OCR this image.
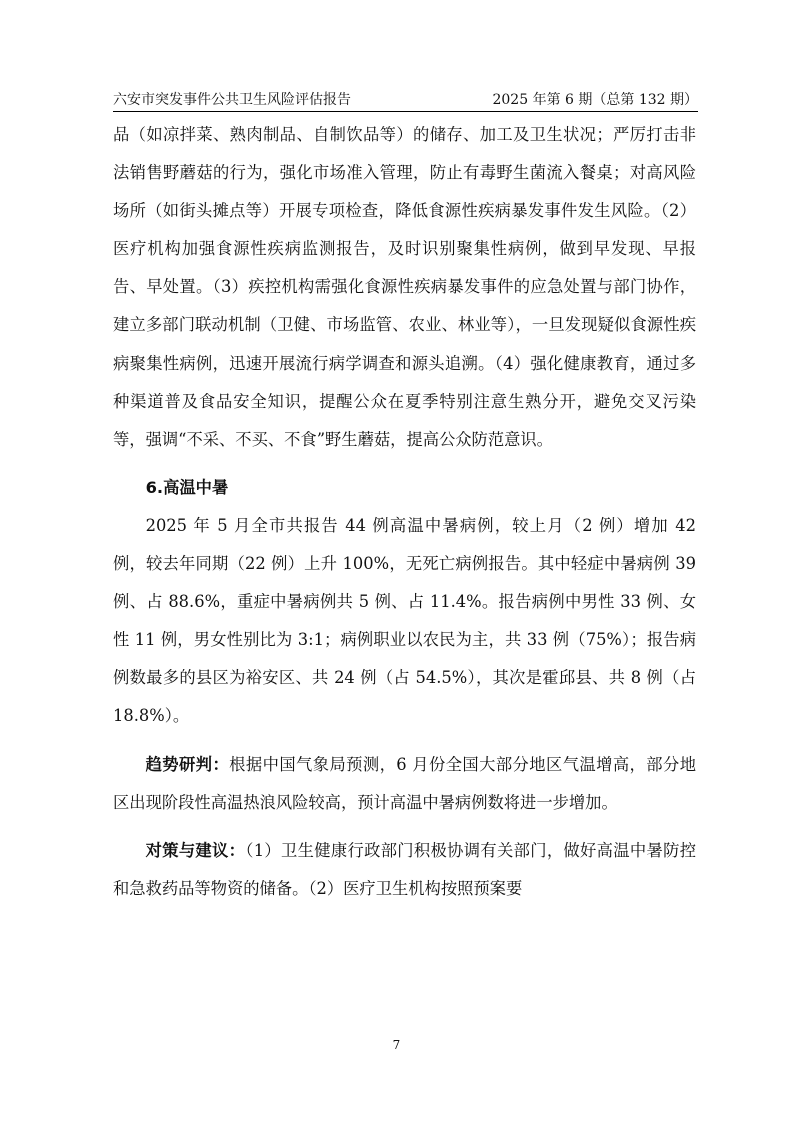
六安市突发事件公共卫生风险评估报告	2025 年第 6 期（总第 132 期）

品（如凉拌菜、熟肉制品、自制饮品等）的储存、加工及卫生状况；严厉打击非法销售野蘑菇的行为，强化市场准入管理，防止有毒野生菌流入餐桌；对高风险场所（如街头摊点等）开展专项检查，降低食源性疾病暴发事件发生风险。（2）医疗机构加强食源性疾病监测报告，及时识别聚集性病例，做到早发现、早报告、早处置。（3）疾控机构需强化食源性疾病暴发事件的应急处置与部门协作，建立多部门联动机制（卫健、市场监管、农业、林业等），一旦发现疑似食源性疾病聚集性病例，迅速开展流行病学调查和源头追溯。（4）强化健康教育，通过多种渠道普及食品安全知识，提醒公众在夏季特别注意生熟分开，避免交叉污染等，强调“不采、不买、不食”野生蘑菇，提高公众防范意识。

6.高温中暑

2025 年 5 月全市共报告 44 例高温中暑病例，较上月（2 例）增加 42 例，较去年同期（22 例）上升 100%，无死亡病例报告。其中轻症中暑病例 39 例、占 88.6%，重症中暑病例共 5 例、占 11.4%。报告病例中男性 33 例、女性 11 例，男女性别比为 3:1；病例职业以农民为主，共 33 例（75%）；报告病例数最多的县区为裕安区、共 24 例（占 54.5%），其次是霍邱县、共 8 例（占 18.8%）。

趋势研判：根据中国气象局预测，6 月份全国大部分地区气温增高，部分地区出现阶段性高温热浪风险较高，预计高温中暑病例数将进一步增加。

对策与建议：（1）卫生健康行政部门积极协调有关部门，做好高温中暑防控和急救药品等物资的储备。（2）医疗卫生机构按照预案要

7
